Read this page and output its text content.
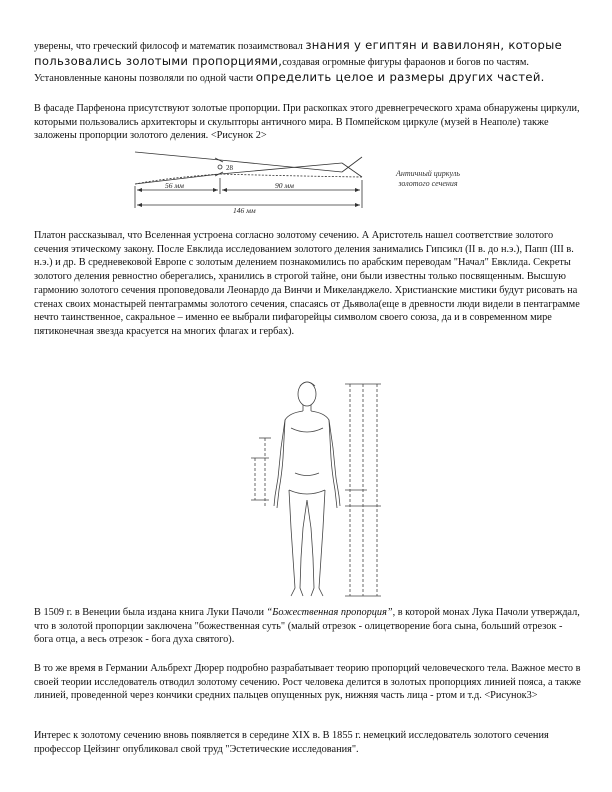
уверены, что греческий философ и математик позаимствовал знания у египтян и вавилонян, которые пользовались золотыми пропорциями,создавая огромные фигуры фараонов и богов по частям. Установленные каноны позволяли по одной части определить целое и размеры других частей.

В фасаде Парфенона присутствуют золотые пропорции. При раскопках этого древнегреческого храма обнаружены циркули, которыми пользовались архитекторы и скульпторы античного мира. В Помпейском циркуле (музей в Неаполе) также заложены пропорции золотого деления. <Рисунок 2>

28
56 мм	90 мм
146 мм
Античный циркуль
золотого сечения

Платон рассказывал, что Вселенная устроена согласно золотому сечению. А Аристотель нашел соответствие золотого сечения этическому закону. После Евклида исследованием золотого деления занимались Гипсикл (II в. до н.э.), Папп (III в. н.э.) и др. В средневековой Европе с золотым делением познакомились по арабским переводам "Начал" Евклида. Секреты золотого деления ревностно оберегались, хранились в строгой тайне, они были известны только посвященным. Высшую гармонию золотого сечения проповедовали Леонардо да Винчи и Микеланджело. Христианские мистики будут рисовать на стенах своих монастырей пентаграммы золотого сечения, спасаясь от Дьявола(еще в древности люди видели в пентаграмме нечто таинственное, сакральное – именно ее выбрали пифагорейцы символом своего союза, да и в современном мире пятиконечная звезда красуется на многих флагах и гербах).

В 1509 г. в Венеции была издана книга Луки Пачоли “Божественная пропорция”, в которой монах Лука Пачоли утверждал, что в золотой пропорции заключена "божественная суть" (малый отрезок - олицетворение бога сына, больший отрезок - бога отца, а весь отрезок - бога духа святого).

В то же время в Германии Альбрехт Дюрер подробно разрабатывает теорию пропорций человеческого тела. Важное место в своей теории исследователь отводил золотому сечению. Рост человека делится в золотых пропорциях линией пояса, а также линией, проведенной через кончики средних пальцев опущенных рук, нижняя часть лица - ртом и т.д. <Рисунок3>

Интерес к золотому сечению вновь появляется в середине XIX в. В 1855 г. немецкий исследователь золотого сечения профессор Цейзинг опубликовал свой труд "Эстетические исследования".
